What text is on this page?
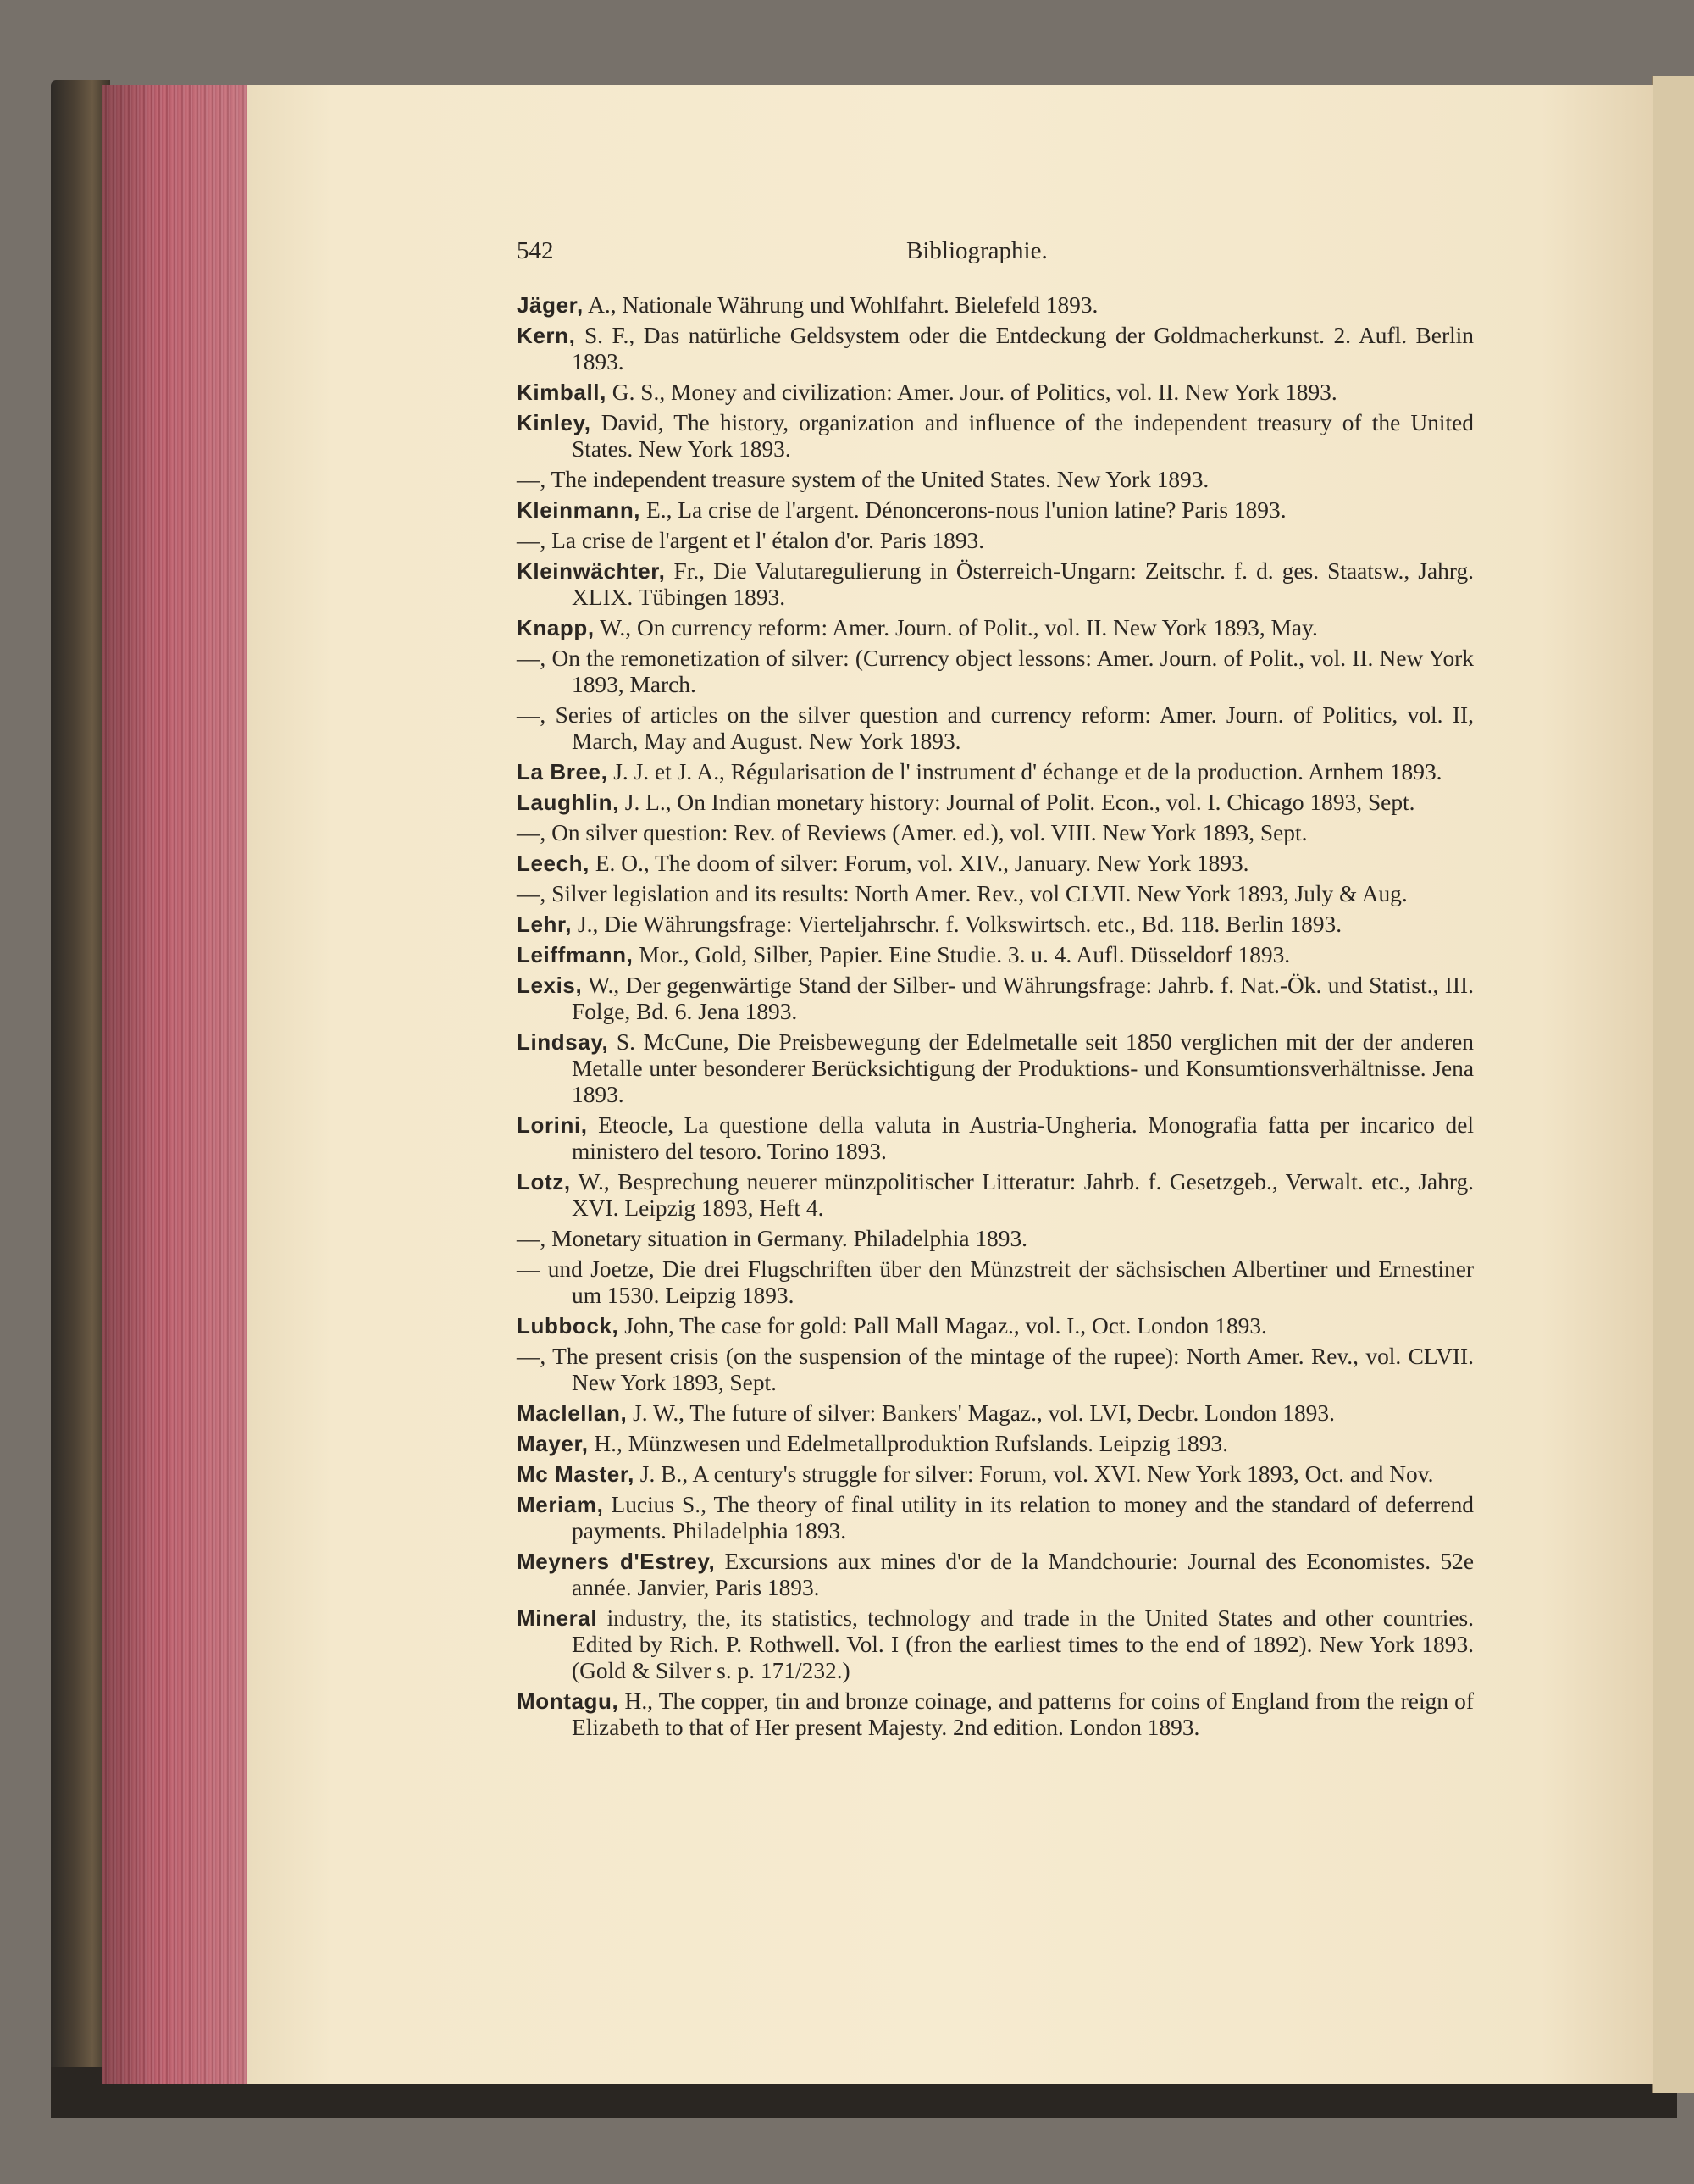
542	Bibliographie.
Jäger, A., Nationale Währung und Wohlfahrt. Bielefeld 1893.
Kern, S. F., Das natürliche Geldsystem oder die Entdeckung der Goldmacherkunst. 2. Aufl. Berlin 1893.
Kimball, G. S., Money and civilization: Amer. Jour. of Politics, vol. II. New York 1893.
Kinley, David, The history, organization and influence of the independent treasury of the United States. New York 1893.
—, The independent treasure system of the United States. New York 1893.
Kleinmann, E., La crise de l'argent. Dénoncerons-nous l'union latine? Paris 1893.
—, La crise de l'argent et l' étalon d'or. Paris 1893.
Kleinwächter, Fr., Die Valutaregulierung in Österreich-Ungarn: Zeitschr. f. d. ges. Staatsw., Jahrg. XLIX. Tübingen 1893.
Knapp, W., On currency reform: Amer. Journ. of Polit., vol. II. New York 1893, May.
—, On the remonetization of silver: (Currency object lessons: Amer. Journ. of Polit., vol. II. New York 1893, March.
—, Series of articles on the silver question and currency reform: Amer. Journ. of Politics, vol. II, March, May and August. New York 1893.
La Bree, J. J. et J. A., Régularisation de l' instrument d' échange et de la production. Arnhem 1893.
Laughlin, J. L., On Indian monetary history: Journal of Polit. Econ., vol. I. Chicago 1893, Sept.
—, On silver question: Rev. of Reviews (Amer. ed.), vol. VIII. New York 1893, Sept.
Leech, E. O., The doom of silver: Forum, vol. XIV., January. New York 1893.
—, Silver legislation and its results: North Amer. Rev., vol CLVII. New York 1893, July & Aug.
Lehr, J., Die Währungsfrage: Vierteljahrschr. f. Volkswirtsch. etc., Bd. 118. Berlin 1893.
Leiffmann, Mor., Gold, Silber, Papier. Eine Studie. 3. u. 4. Aufl. Düsseldorf 1893.
Lexis, W., Der gegenwärtige Stand der Silber- und Währungsfrage: Jahrb. f. Nat.-Ök. und Statist., III. Folge, Bd. 6. Jena 1893.
Lindsay, S. McCune, Die Preisbewegung der Edelmetalle seit 1850 verglichen mit der der anderen Metalle unter besonderer Berücksichtigung der Produktions- und Konsumtionsverhältnisse. Jena 1893.
Lorini, Eteocle, La questione della valuta in Austria-Ungheria. Monografia fatta per incarico del ministero del tesoro. Torino 1893.
Lotz, W., Besprechung neuerer münzpolitischer Litteratur: Jahrb. f. Gesetzgeb., Verwalt. etc., Jahrg. XVI. Leipzig 1893, Heft 4.
—, Monetary situation in Germany. Philadelphia 1893.
— und Joetze, Die drei Flugschriften über den Münzstreit der sächsischen Albertiner und Ernestiner um 1530. Leipzig 1893.
Lubbock, John, The case for gold: Pall Mall Magaz., vol. I., Oct. London 1893.
—, The present crisis (on the suspension of the mintage of the rupee): North Amer. Rev., vol. CLVII. New York 1893, Sept.
Maclellan, J. W., The future of silver: Bankers' Magaz., vol. LVI, Decbr. London 1893.
Mayer, H., Münzwesen und Edelmetallproduktion Rufslands. Leipzig 1893.
Mc Master, J. B., A century's struggle for silver: Forum, vol. XVI. New York 1893, Oct. and Nov.
Meriam, Lucius S., The theory of final utility in its relation to money and the standard of deferrend payments. Philadelphia 1893.
Meyners d'Estrey, Excursions aux mines d'or de la Mandchourie: Journal des Economistes. 52e année. Janvier, Paris 1893.
Mineral industry, the, its statistics, technology and trade in the United States and other countries. Edited by Rich. P. Rothwell. Vol. I (fron the earliest times to the end of 1892). New York 1893. (Gold & Silver s. p. 171/232.)
Montagu, H., The copper, tin and bronze coinage, and patterns for coins of England from the reign of Elizabeth to that of Her present Majesty. 2nd edition. London 1893.
